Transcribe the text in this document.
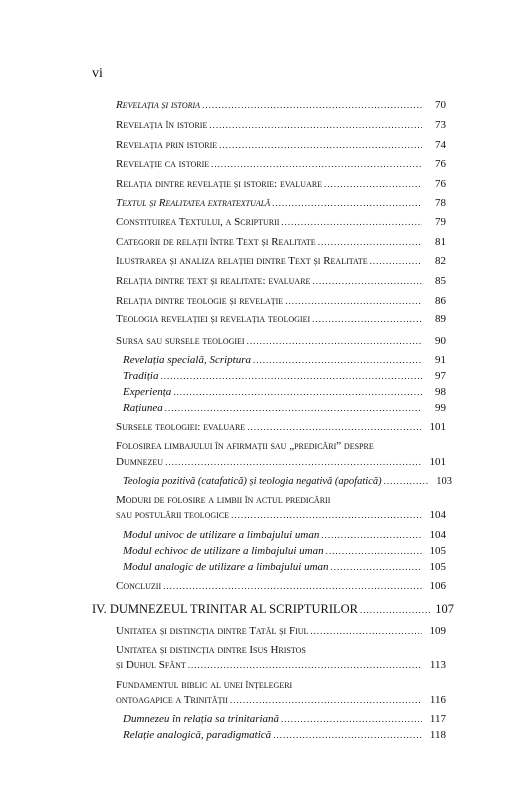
vi
Revelația și istoria .....	70
Revelația în istorie .....	73
Revelația prin istorie .....	74
Revelație ca istorie .....	76
Relația dintre revelație și istorie: evaluare .....	76
Textul și Realitatea extratextuală .....	78
Constituirea Textului, a Scripturii .....	79
Categorii de relații între Text și Realitate .....	81
Ilustrarea și analiza relației dintre Text și Realitate .....	82
Relația dintre text și realitate: evaluare .....	85
Relația dintre teologie și revelație .....	86
Teologia revelației și revelația teologiei .....	89
Sursa sau sursele teologiei .....	90
Revelația specială, Scriptura .....	91
Tradiția .....	97
Experiența .....	98
Rațiunea .....	99
Sursele teologiei: evaluare .....	101
Folosirea limbajului în afirmații sau „predicări” despre
Dumnezeu .....	101
Teologia pozitivă (catafatică) și teologia negativă (apofatică) .....	103
Moduri de folosire a limbii în actul predicării
sau postulării teologice .....	104
Modul univoc de utilizare a limbajului uman .....	104
Modul echivoc de utilizare a limbajului uman .....	105
Modul analogic de utilizare a limbajului uman .....	105
Concluzii .....	106
IV. DUMNEZEUL TRINITAR AL SCRIPTURILOR .....	107
Unitatea și distincția dintre Tatăl și Fiul .....	109
Unitatea și distincția dintre Isus Hristos
și Duhul Sfânt .....	113
Fundamentul biblic al unei înțelegeri
ontoagapice a Trinității .....	116
Dumnezeu în relația sa trinitariană .....	117
Relație analogică, paradigmatică .....	118
